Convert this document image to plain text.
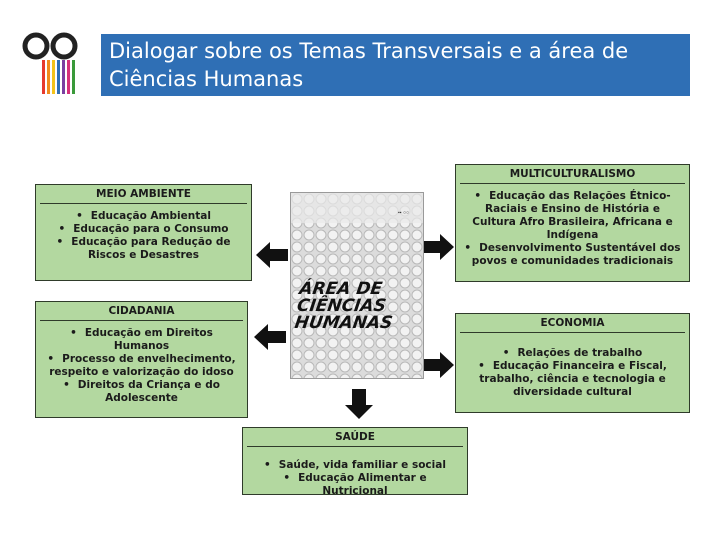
Dialogar sobre os Temas Transversais e a área de Ciências Humanas
MEIO AMBIENTE
• Educação Ambiental
• Educação para o Consumo
• Educação para Redução de Riscos e Desastres
CIDADANIA
• Educação em Direitos Humanos
• Processo de envelhecimento, respeito e valorização do idoso
• Direitos da Criança e do Adolescente
MULTICULTURALISMO
• Educação das Relações Étnico-Raciais e Ensino de História e Cultura Afro Brasileira, Africana e Indígena
• Desenvolvimento Sustentável dos povos e comunidades tradicionais
ECONOMIA
• Relações de trabalho
• Educação Financeira e Fiscal, trabalho, ciência e tecnologia e diversidade cultural
SAÚDE
• Saúde, vida familiar e social
• Educação Alimentar e Nutricional
▪▪ ○○
ÁREA DE CIÊNCIAS HUMANAS
